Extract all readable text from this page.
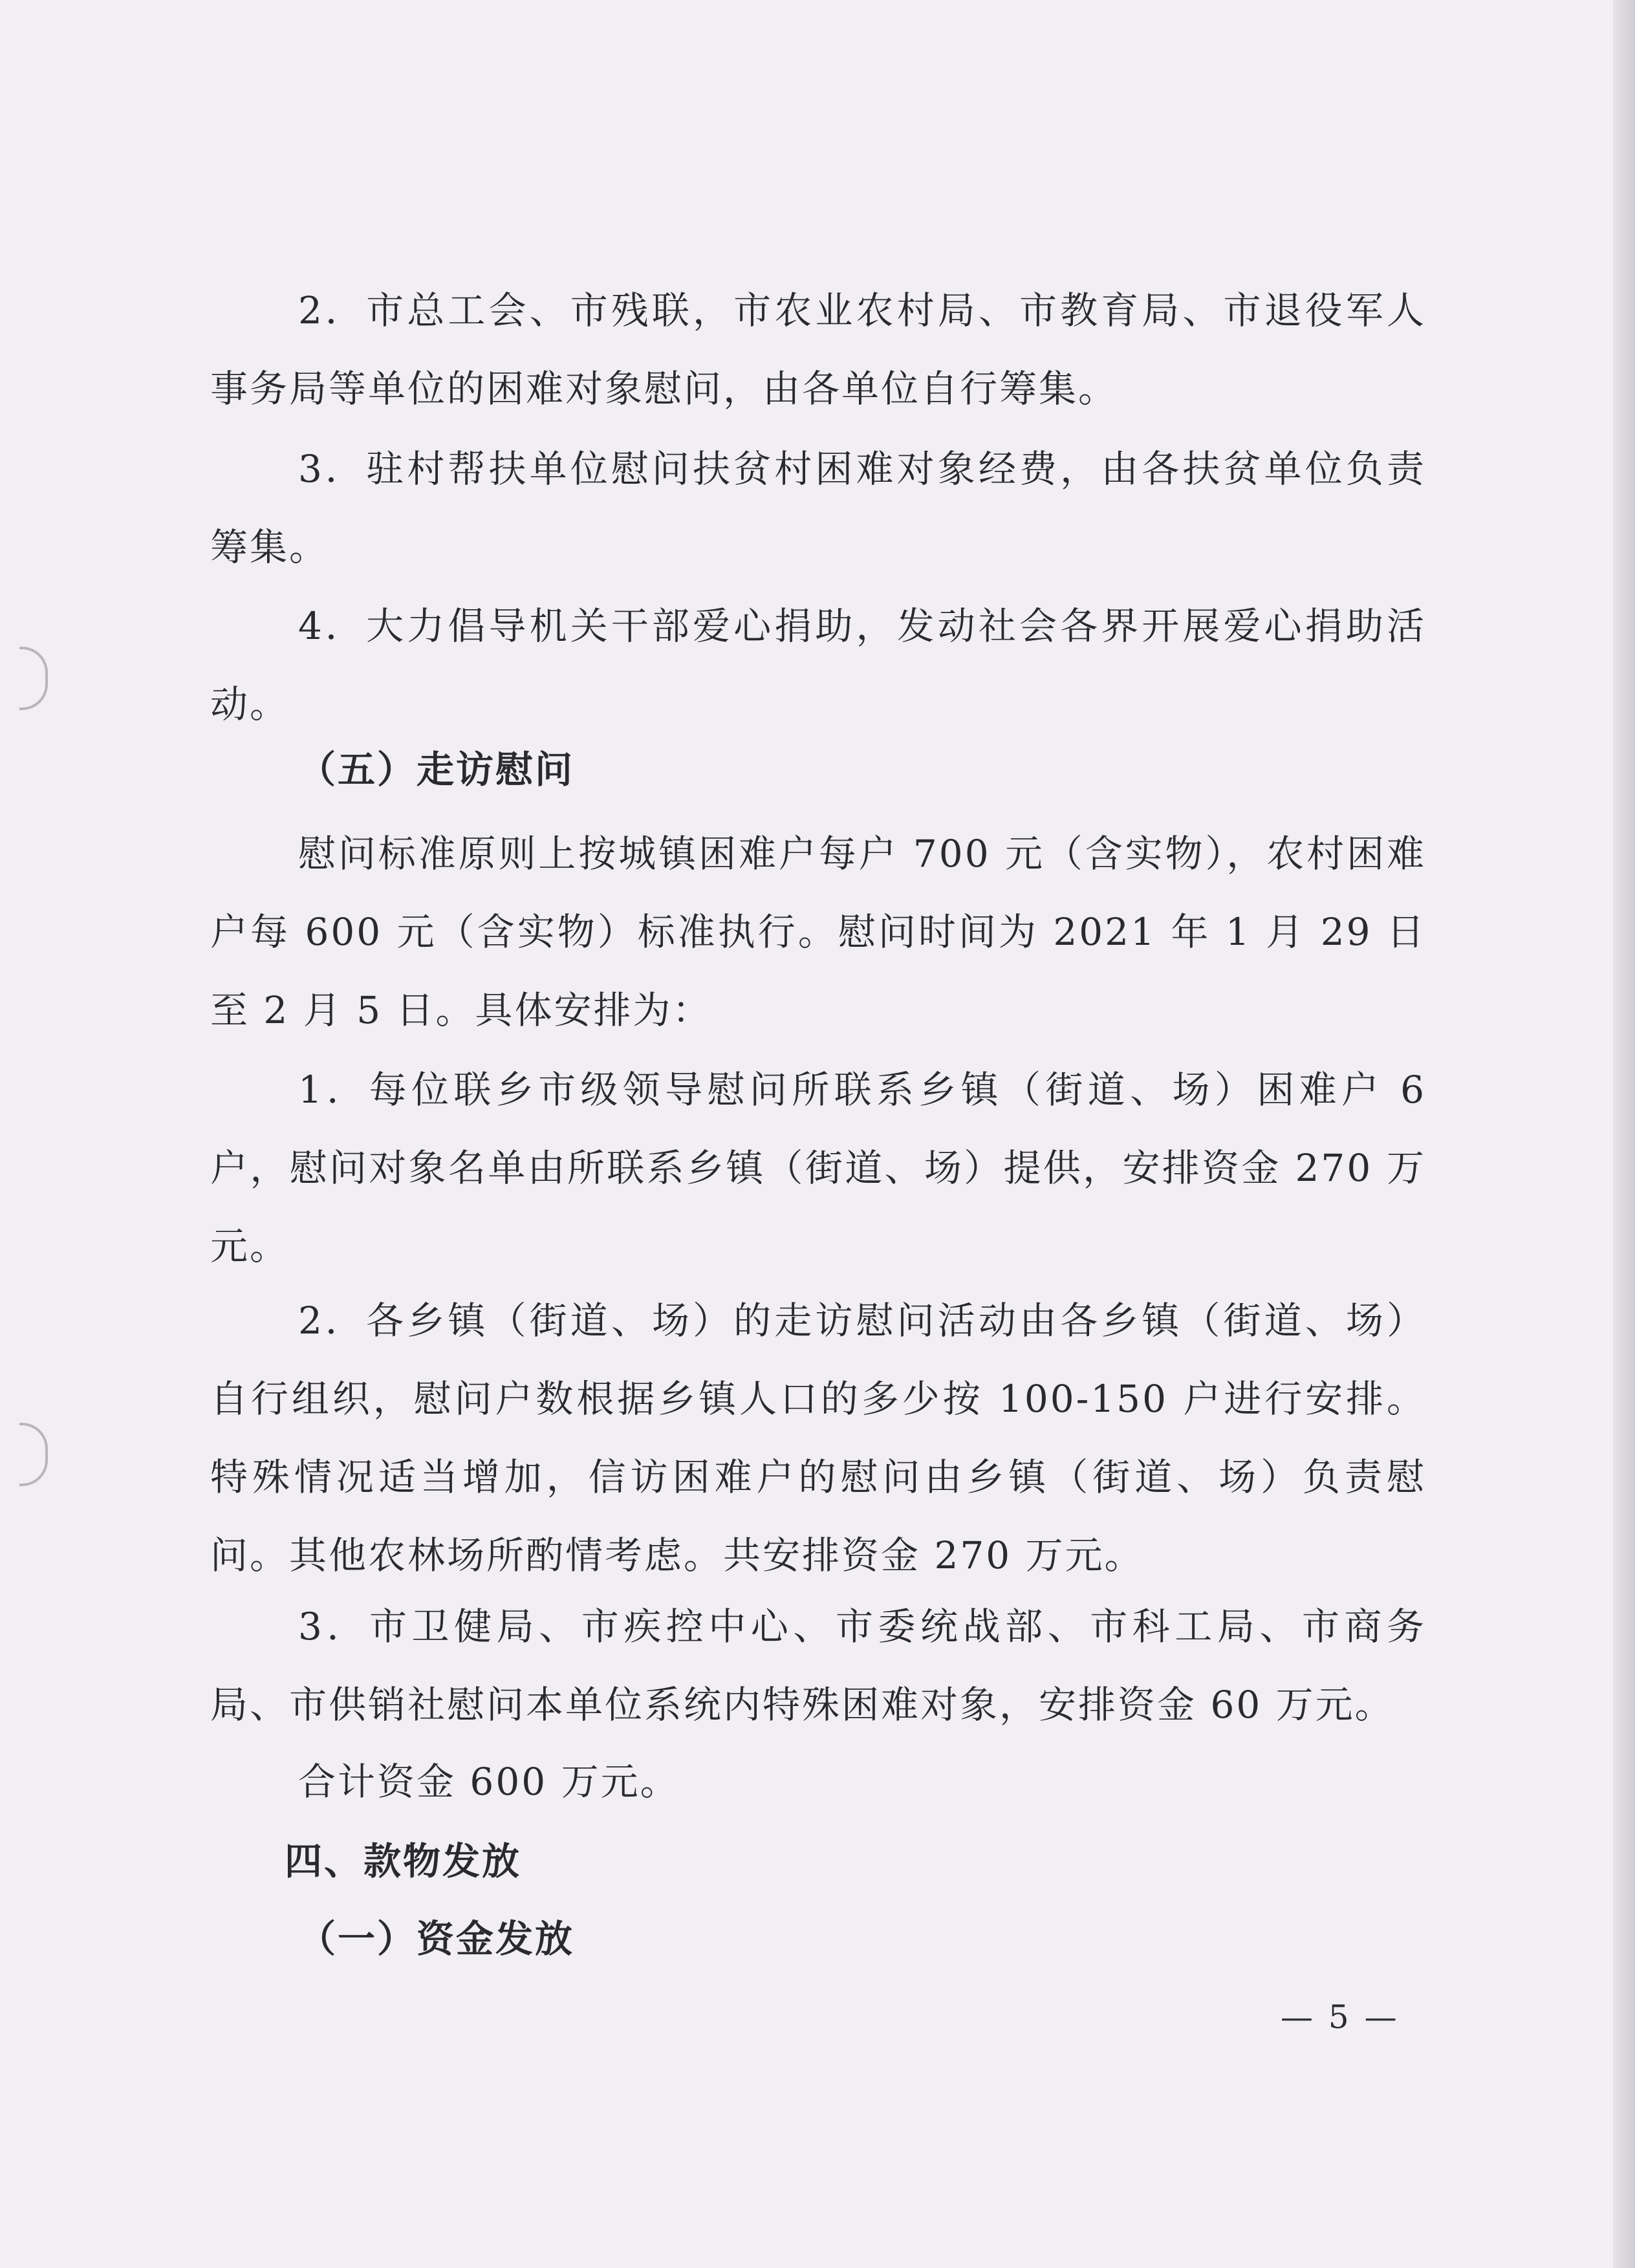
2．市总工会、市残联，市农业农村局、市教育局、市退役军人事务局等单位的困难对象慰问，由各单位自行筹集。

3．驻村帮扶单位慰问扶贫村困难对象经费，由各扶贫单位负责筹集。

4．大力倡导机关干部爱心捐助，发动社会各界开展爱心捐助活动。

（五）走访慰问

慰问标准原则上按城镇困难户每户 700 元（含实物），农村困难户每 600 元（含实物）标准执行。慰问时间为 2021 年 1 月 29 日至 2 月 5 日。具体安排为：

1．每位联乡市级领导慰问所联系乡镇（街道、场）困难户 6 户，慰问对象名单由所联系乡镇（街道、场）提供，安排资金 270 万元。

2．各乡镇（街道、场）的走访慰问活动由各乡镇（街道、场）自行组织，慰问户数根据乡镇人口的多少按 100-150 户进行安排。特殊情况适当增加，信访困难户的慰问由乡镇（街道、场）负责慰问。其他农林场所酌情考虑。共安排资金 270 万元。

3．市卫健局、市疾控中心、市委统战部、市科工局、市商务局、市供销社慰问本单位系统内特殊困难对象，安排资金 60 万元。

合计资金 600 万元。

四、款物发放
（一）资金发放
— 5 —
